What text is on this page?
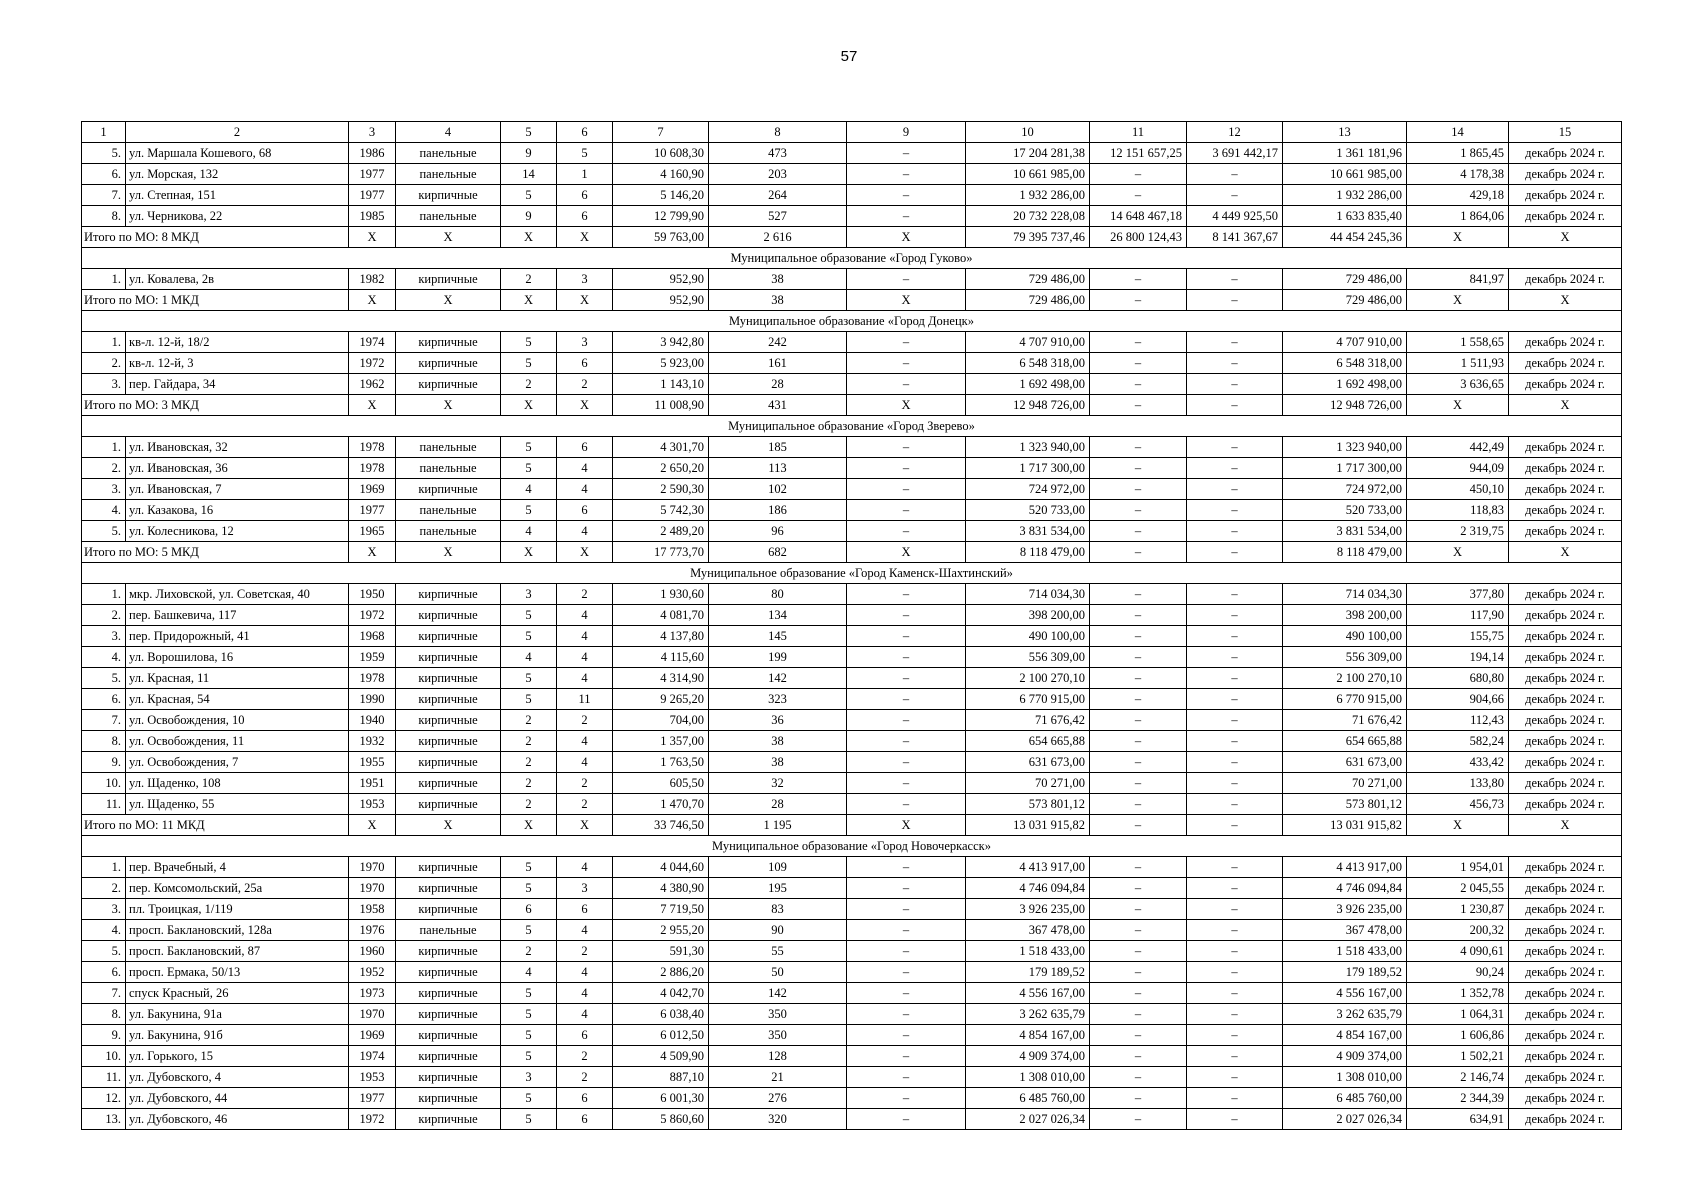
57
1	2	3	4	5	6	7	8	9	10	11	12	13	14	15
5.	ул. Маршала Кошевого, 68	1986	панельные	9	5	10 608,30	473	–	17 204 281,38	12 151 657,25	3 691 442,17	1 361 181,96	1 865,45	декабрь 2024 г.
6.	ул. Морская, 132	1977	панельные	14	1	4 160,90	203	–	10 661 985,00	–	–	10 661 985,00	4 178,38	декабрь 2024 г.
7.	ул. Степная, 151	1977	кирпичные	5	6	5 146,20	264	–	1 932 286,00	–	–	1 932 286,00	429,18	декабрь 2024 г.
8.	ул. Черникова, 22	1985	панельные	9	6	12 799,90	527	–	20 732 228,08	14 648 467,18	4 449 925,50	1 633 835,40	1 864,06	декабрь 2024 г.
Итого по МО: 8 МКД		X	X	X	X	59 763,00	2 616	X	79 395 737,46	26 800 124,43	8 141 367,67	44 454 245,36	X	X
Муниципальное образование «Город Гуково»														
1.	ул. Ковалева, 2в	1982	кирпичные	2	3	952,90	38	–	729 486,00	–	–	729 486,00	841,97	декабрь 2024 г.
Итого по МО: 1 МКД		X	X	X	X	952,90	38	X	729 486,00	–	–	729 486,00	X	X
Муниципальное образование «Город Донецк»														
1.	кв-л. 12-й, 18/2	1974	кирпичные	5	3	3 942,80	242	–	4 707 910,00	–	–	4 707 910,00	1 558,65	декабрь 2024 г.
2.	кв-л. 12-й, 3	1972	кирпичные	5	6	5 923,00	161	–	6 548 318,00	–	–	6 548 318,00	1 511,93	декабрь 2024 г.
3.	пер. Гайдара, 34	1962	кирпичные	2	2	1 143,10	28	–	1 692 498,00	–	–	1 692 498,00	3 636,65	декабрь 2024 г.
Итого по МО: 3 МКД		X	X	X	X	11 008,90	431	X	12 948 726,00	–	–	12 948 726,00	X	X
Муниципальное образование «Город Зверево»														
1.	ул. Ивановская, 32	1978	панельные	5	6	4 301,70	185	–	1 323 940,00	–	–	1 323 940,00	442,49	декабрь 2024 г.
2.	ул. Ивановская, 36	1978	панельные	5	4	2 650,20	113	–	1 717 300,00	–	–	1 717 300,00	944,09	декабрь 2024 г.
3.	ул. Ивановская, 7	1969	кирпичные	4	4	2 590,30	102	–	724 972,00	–	–	724 972,00	450,10	декабрь 2024 г.
4.	ул. Казакова, 16	1977	панельные	5	6	5 742,30	186	–	520 733,00	–	–	520 733,00	118,83	декабрь 2024 г.
5.	ул. Колесникова, 12	1965	панельные	4	4	2 489,20	96	–	3 831 534,00	–	–	3 831 534,00	2 319,75	декабрь 2024 г.
Итого по МО: 5 МКД		X	X	X	X	17 773,70	682	X	8 118 479,00	–	–	8 118 479,00	X	X
Муниципальное образование «Город Каменск-Шахтинский»														
1.	мкр. Лиховской, ул. Советская, 40	1950	кирпичные	3	2	1 930,60	80	–	714 034,30	–	–	714 034,30	377,80	декабрь 2024 г.
2.	пер. Башкевича, 117	1972	кирпичные	5	4	4 081,70	134	–	398 200,00	–	–	398 200,00	117,90	декабрь 2024 г.
3.	пер. Придорожный, 41	1968	кирпичные	5	4	4 137,80	145	–	490 100,00	–	–	490 100,00	155,75	декабрь 2024 г.
4.	ул. Ворошилова, 16	1959	кирпичные	4	4	4 115,60	199	–	556 309,00	–	–	556 309,00	194,14	декабрь 2024 г.
5.	ул. Красная, 11	1978	кирпичные	5	4	4 314,90	142	–	2 100 270,10	–	–	2 100 270,10	680,80	декабрь 2024 г.
6.	ул. Красная, 54	1990	кирпичные	5	11	9 265,20	323	–	6 770 915,00	–	–	6 770 915,00	904,66	декабрь 2024 г.
7.	ул. Освобождения, 10	1940	кирпичные	2	2	704,00	36	–	71 676,42	–	–	71 676,42	112,43	декабрь 2024 г.
8.	ул. Освобождения, 11	1932	кирпичные	2	4	1 357,00	38	–	654 665,88	–	–	654 665,88	582,24	декабрь 2024 г.
9.	ул. Освобождения, 7	1955	кирпичные	2	4	1 763,50	38	–	631 673,00	–	–	631 673,00	433,42	декабрь 2024 г.
10.	ул. Щаденко, 108	1951	кирпичные	2	2	605,50	32	–	70 271,00	–	–	70 271,00	133,80	декабрь 2024 г.
11.	ул. Щаденко, 55	1953	кирпичные	2	2	1 470,70	28	–	573 801,12	–	–	573 801,12	456,73	декабрь 2024 г.
Итого по МО: 11 МКД		X	X	X	X	33 746,50	1 195	X	13 031 915,82	–	–	13 031 915,82	X	X
Муниципальное образование «Город Новочеркасск»														
1.	пер. Врачебный, 4	1970	кирпичные	5	4	4 044,60	109	–	4 413 917,00	–	–	4 413 917,00	1 954,01	декабрь 2024 г.
2.	пер. Комсомольский, 25а	1970	кирпичные	5	3	4 380,90	195	–	4 746 094,84	–	–	4 746 094,84	2 045,55	декабрь 2024 г.
3.	пл. Троицкая, 1/119	1958	кирпичные	6	6	7 719,50	83	–	3 926 235,00	–	–	3 926 235,00	1 230,87	декабрь 2024 г.
4.	просп. Баклановский, 128а	1976	панельные	5	4	2 955,20	90	–	367 478,00	–	–	367 478,00	200,32	декабрь 2024 г.
5.	просп. Баклановский, 87	1960	кирпичные	2	2	591,30	55	–	1 518 433,00	–	–	1 518 433,00	4 090,61	декабрь 2024 г.
6.	просп. Ермака, 50/13	1952	кирпичные	4	4	2 886,20	50	–	179 189,52	–	–	179 189,52	90,24	декабрь 2024 г.
7.	спуск Красный, 26	1973	кирпичные	5	4	4 042,70	142	–	4 556 167,00	–	–	4 556 167,00	1 352,78	декабрь 2024 г.
8.	ул. Бакунина, 91а	1970	кирпичные	5	4	6 038,40	350	–	3 262 635,79	–	–	3 262 635,79	1 064,31	декабрь 2024 г.
9.	ул. Бакунина, 91б	1969	кирпичные	5	6	6 012,50	350	–	4 854 167,00	–	–	4 854 167,00	1 606,86	декабрь 2024 г.
10.	ул. Горького, 15	1974	кирпичные	5	2	4 509,90	128	–	4 909 374,00	–	–	4 909 374,00	1 502,21	декабрь 2024 г.
11.	ул. Дубовского, 4	1953	кирпичные	3	2	887,10	21	–	1 308 010,00	–	–	1 308 010,00	2 146,74	декабрь 2024 г.
12.	ул. Дубовского, 44	1977	кирпичные	5	6	6 001,30	276	–	6 485 760,00	–	–	6 485 760,00	2 344,39	декабрь 2024 г.
13.	ул. Дубовского, 46	1972	кирпичные	5	6	5 860,60	320	–	2 027 026,34	–	–	2 027 026,34	634,91	декабрь 2024 г.
